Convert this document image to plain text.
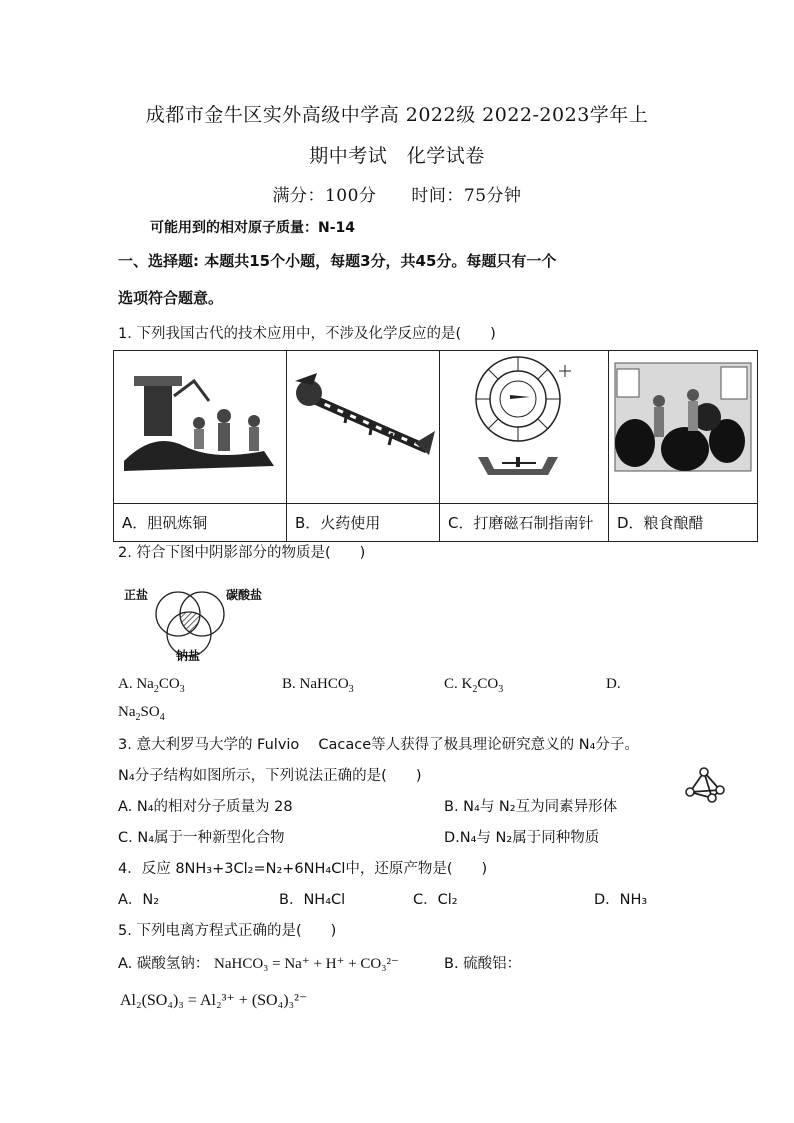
成都市金牛区实外高级中学高 2022级 2022-2023学年上
期中考试　化学试卷
满分：100分　　时间：75分钟
可能用到的相对原子质量：N-14
一、选择题: 本题共15个小题，每题3分，共45分。每题只有一个
选项符合题意。
1. 下列我国古代的技术应用中，不涉及化学反应的是(　　)

A．胆矾炼铜	B．火药使用	C．打磨磁石制指南针	D．粮食酿醋
2. 符合下图中阴影部分的物质是(　　)
正盐	碳酸盐
钠盐
A. $Na_2CO_3$	B. NaHCO$_3$	C. $K_2CO_3$	D.
$Na_2SO_4$
3. 意大利罗马大学的 Fulvio　 Cacace等人获得了极具理论研究意义的 N₄分子。
N₄分子结构如图所示，下列说法正确的是(　　)
A. N₄的相对分子质量为 28	B. N₄与 N₂互为同素异形体
C. N₄属于一种新型化合物	D.N₄与 N₂属于同种物质
4．反应 8NH₃+3Cl₂=N₂+6NH₄Cl中，还原产物是(　　)
A．N₂	B．NH₄Cl	C．Cl₂	D．NH₃
5. 下列电离方程式正确的是(　　)
A. 碳酸氢钠： NaHCO₃ = Na⁺ + H⁺ + CO₃²⁻	B. 硫酸铝：
Al₂(SO₄)₃ = Al₂³⁺ + (SO₄)₃²⁻
